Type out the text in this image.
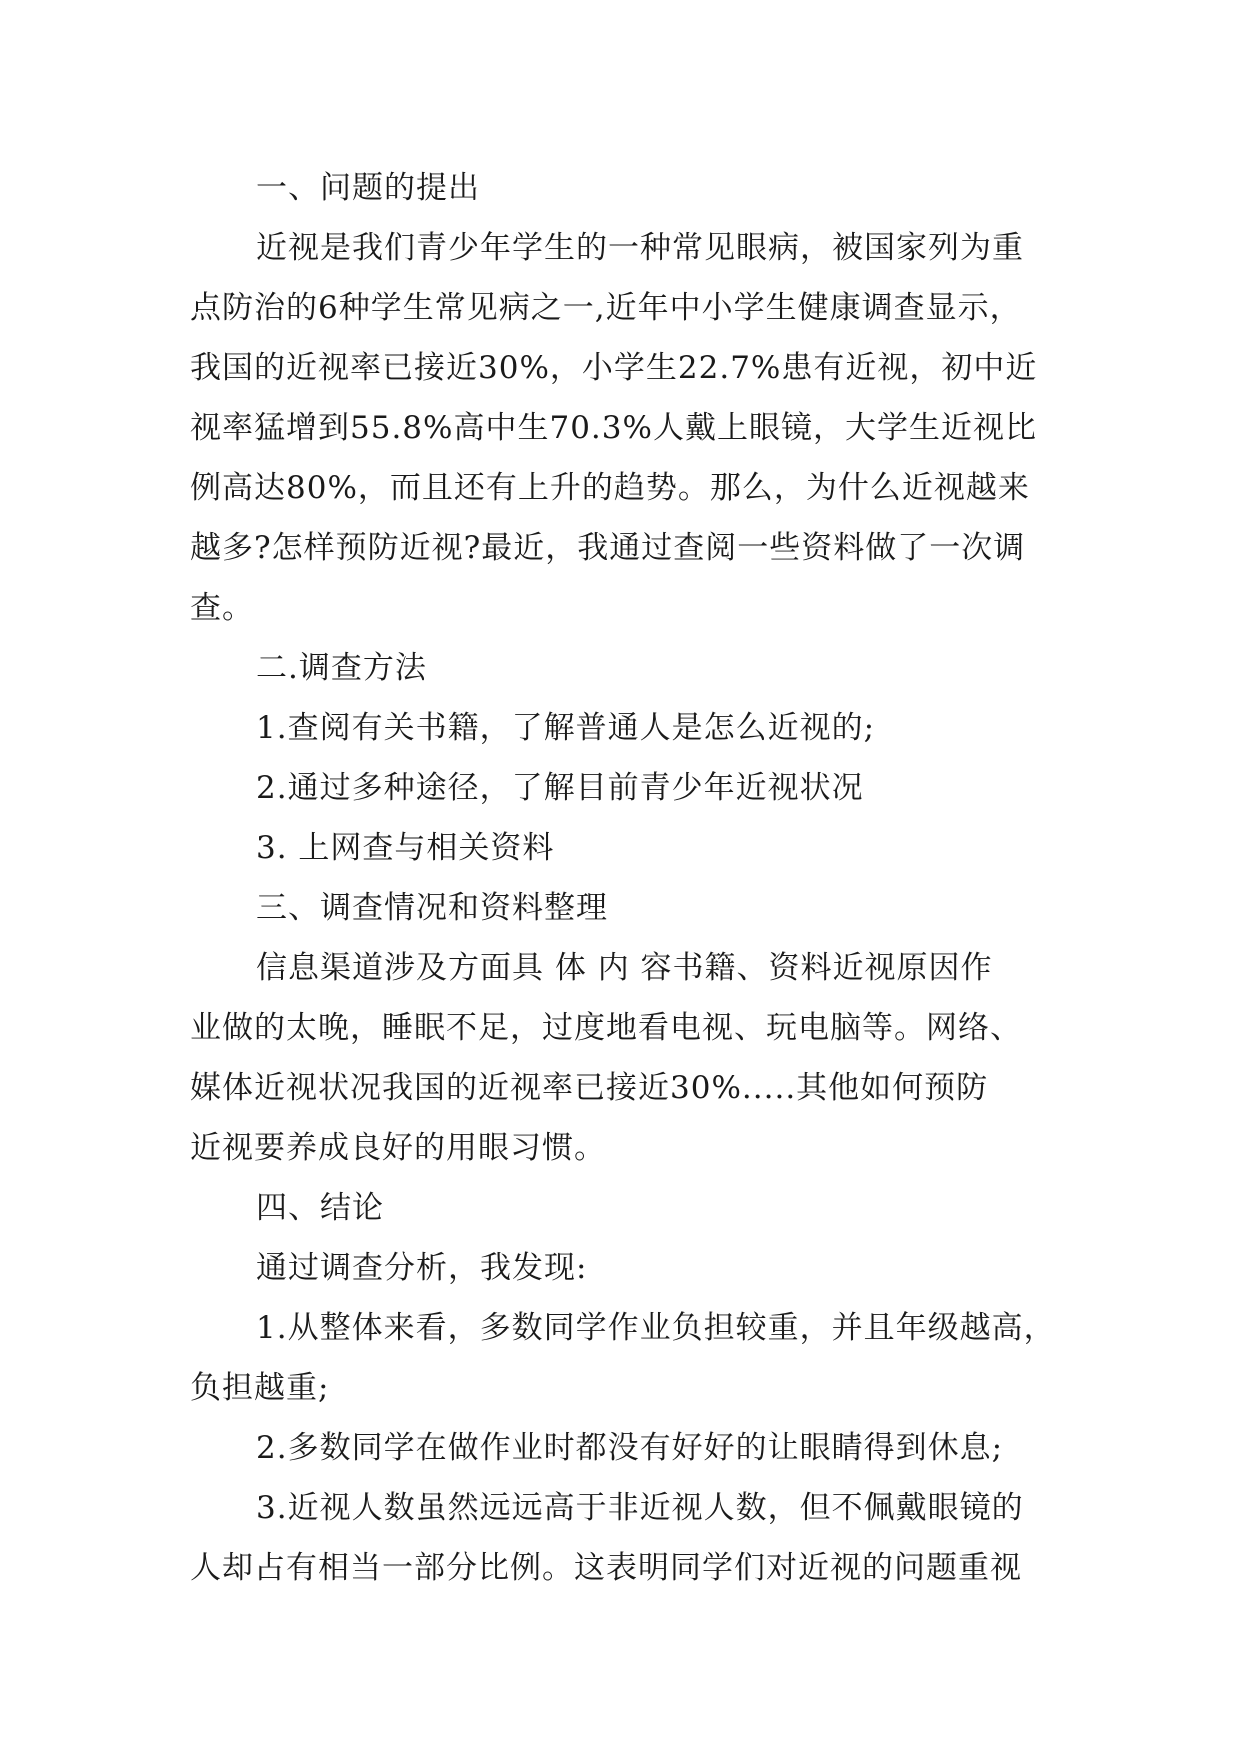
一、问题的提出
近视是我们青少年学生的一种常见眼病，被国家列为重
点防治的6种学生常见病之一,近年中小学生健康调查显示，
我国的近视率已接近30%，小学生22.7%患有近视，初中近
视率猛增到55.8%高中生70.3%人戴上眼镜，大学生近视比
例高达80%，而且还有上升的趋势。那么，为什么近视越来
越多?怎样预防近视?最近，我通过查阅一些资料做了一次调
查。
二.调查方法
1.查阅有关书籍，了解普通人是怎么近视的;
2.通过多种途径，了解目前青少年近视状况
3. 上网查与相关资料
三、调查情况和资料整理
信息渠道涉及方面具 体 内 容书籍、资料近视原因作
业做的太晚，睡眠不足，过度地看电视、玩电脑等。网络、
媒体近视状况我国的近视率已接近30%.....其他如何预防
近视要养成良好的用眼习惯。
四、结论
通过调查分析，我发现:
1.从整体来看，多数同学作业负担较重，并且年级越高，
负担越重;
2.多数同学在做作业时都没有好好的让眼睛得到休息;
3.近视人数虽然远远高于非近视人数，但不佩戴眼镜的
人却占有相当一部分比例。这表明同学们对近视的问题重视
